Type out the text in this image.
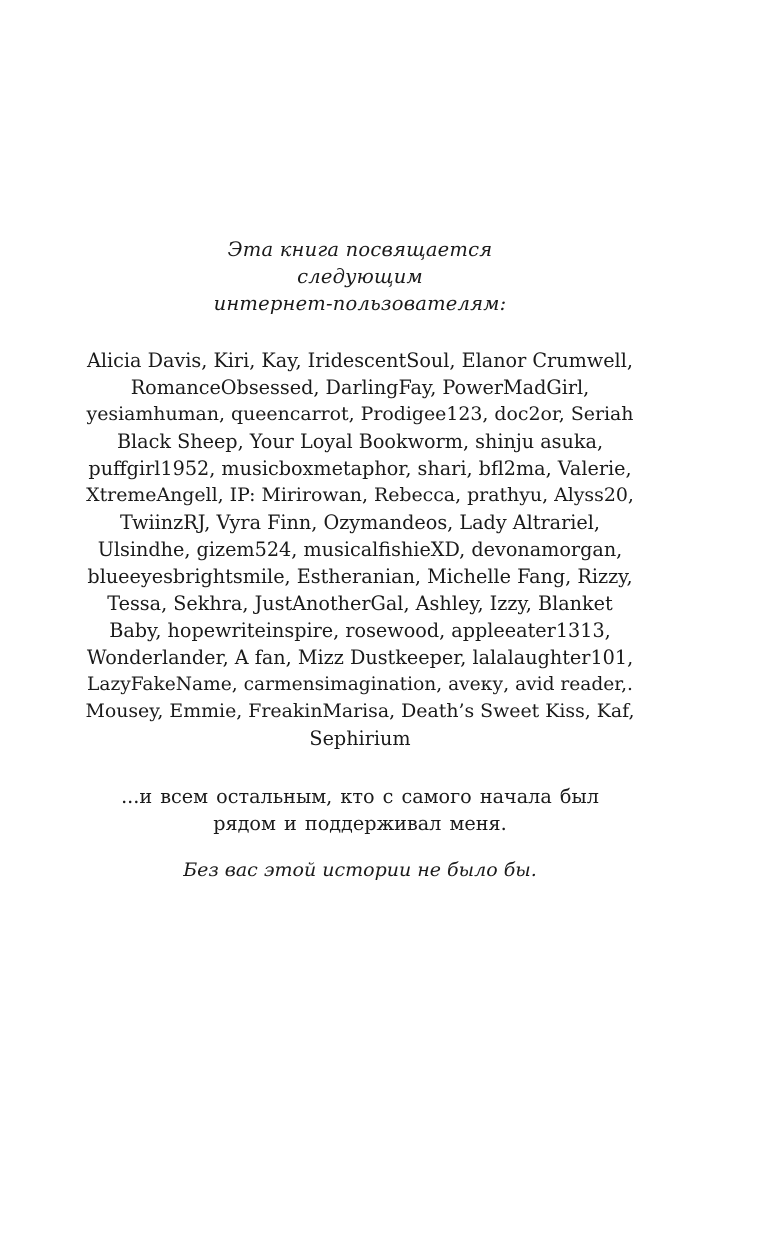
Эта книга посвящается
следующим
интернет-пользователям:
Alicia Davis, Kiri, Kay, IridescentSoul, Elanor Crumwell,
RomanceObsessed, DarlingFay, PowerMadGirl,
yesiamhuman, queencarrot, Prodigee123, doc2or, Seriah
Black Sheep, Your Loyal Bookworm, shinju asuka,
puffgirl1952, musicboxmetaphor, shari, bfl2ma, Valerie,
XtremeAngell, IP: Mirirowan, Rebecca, prathyu, Alyss20,
TwiinzRJ, Vyra Finn, Ozymandeos, Lady Altrariel,
Ulsindhe, gizem524, musicalfishieXD, devonamorgan,
blueeyesbrightsmile, Estheranian, Michelle Fang, Rizzy,
Tessa, Sekhra, JustAnotherGal, Ashley, Izzy, Blanket
Baby, hopewriteinspire, rosewood, appleeater1313,
Wonderlander, A fan, Mizz Dustkeeper, lalalaughter101,
LazyFakeName, carmensimagination, aveку, avid reader,.
Mousey, Emmie, FreakinMarisa, Death’s Sweet Kiss, Kaf,
Sephirium
...и всем остальным, кто с самого начала был
рядом и поддерживал меня.
Без вас этой истории не было бы.
